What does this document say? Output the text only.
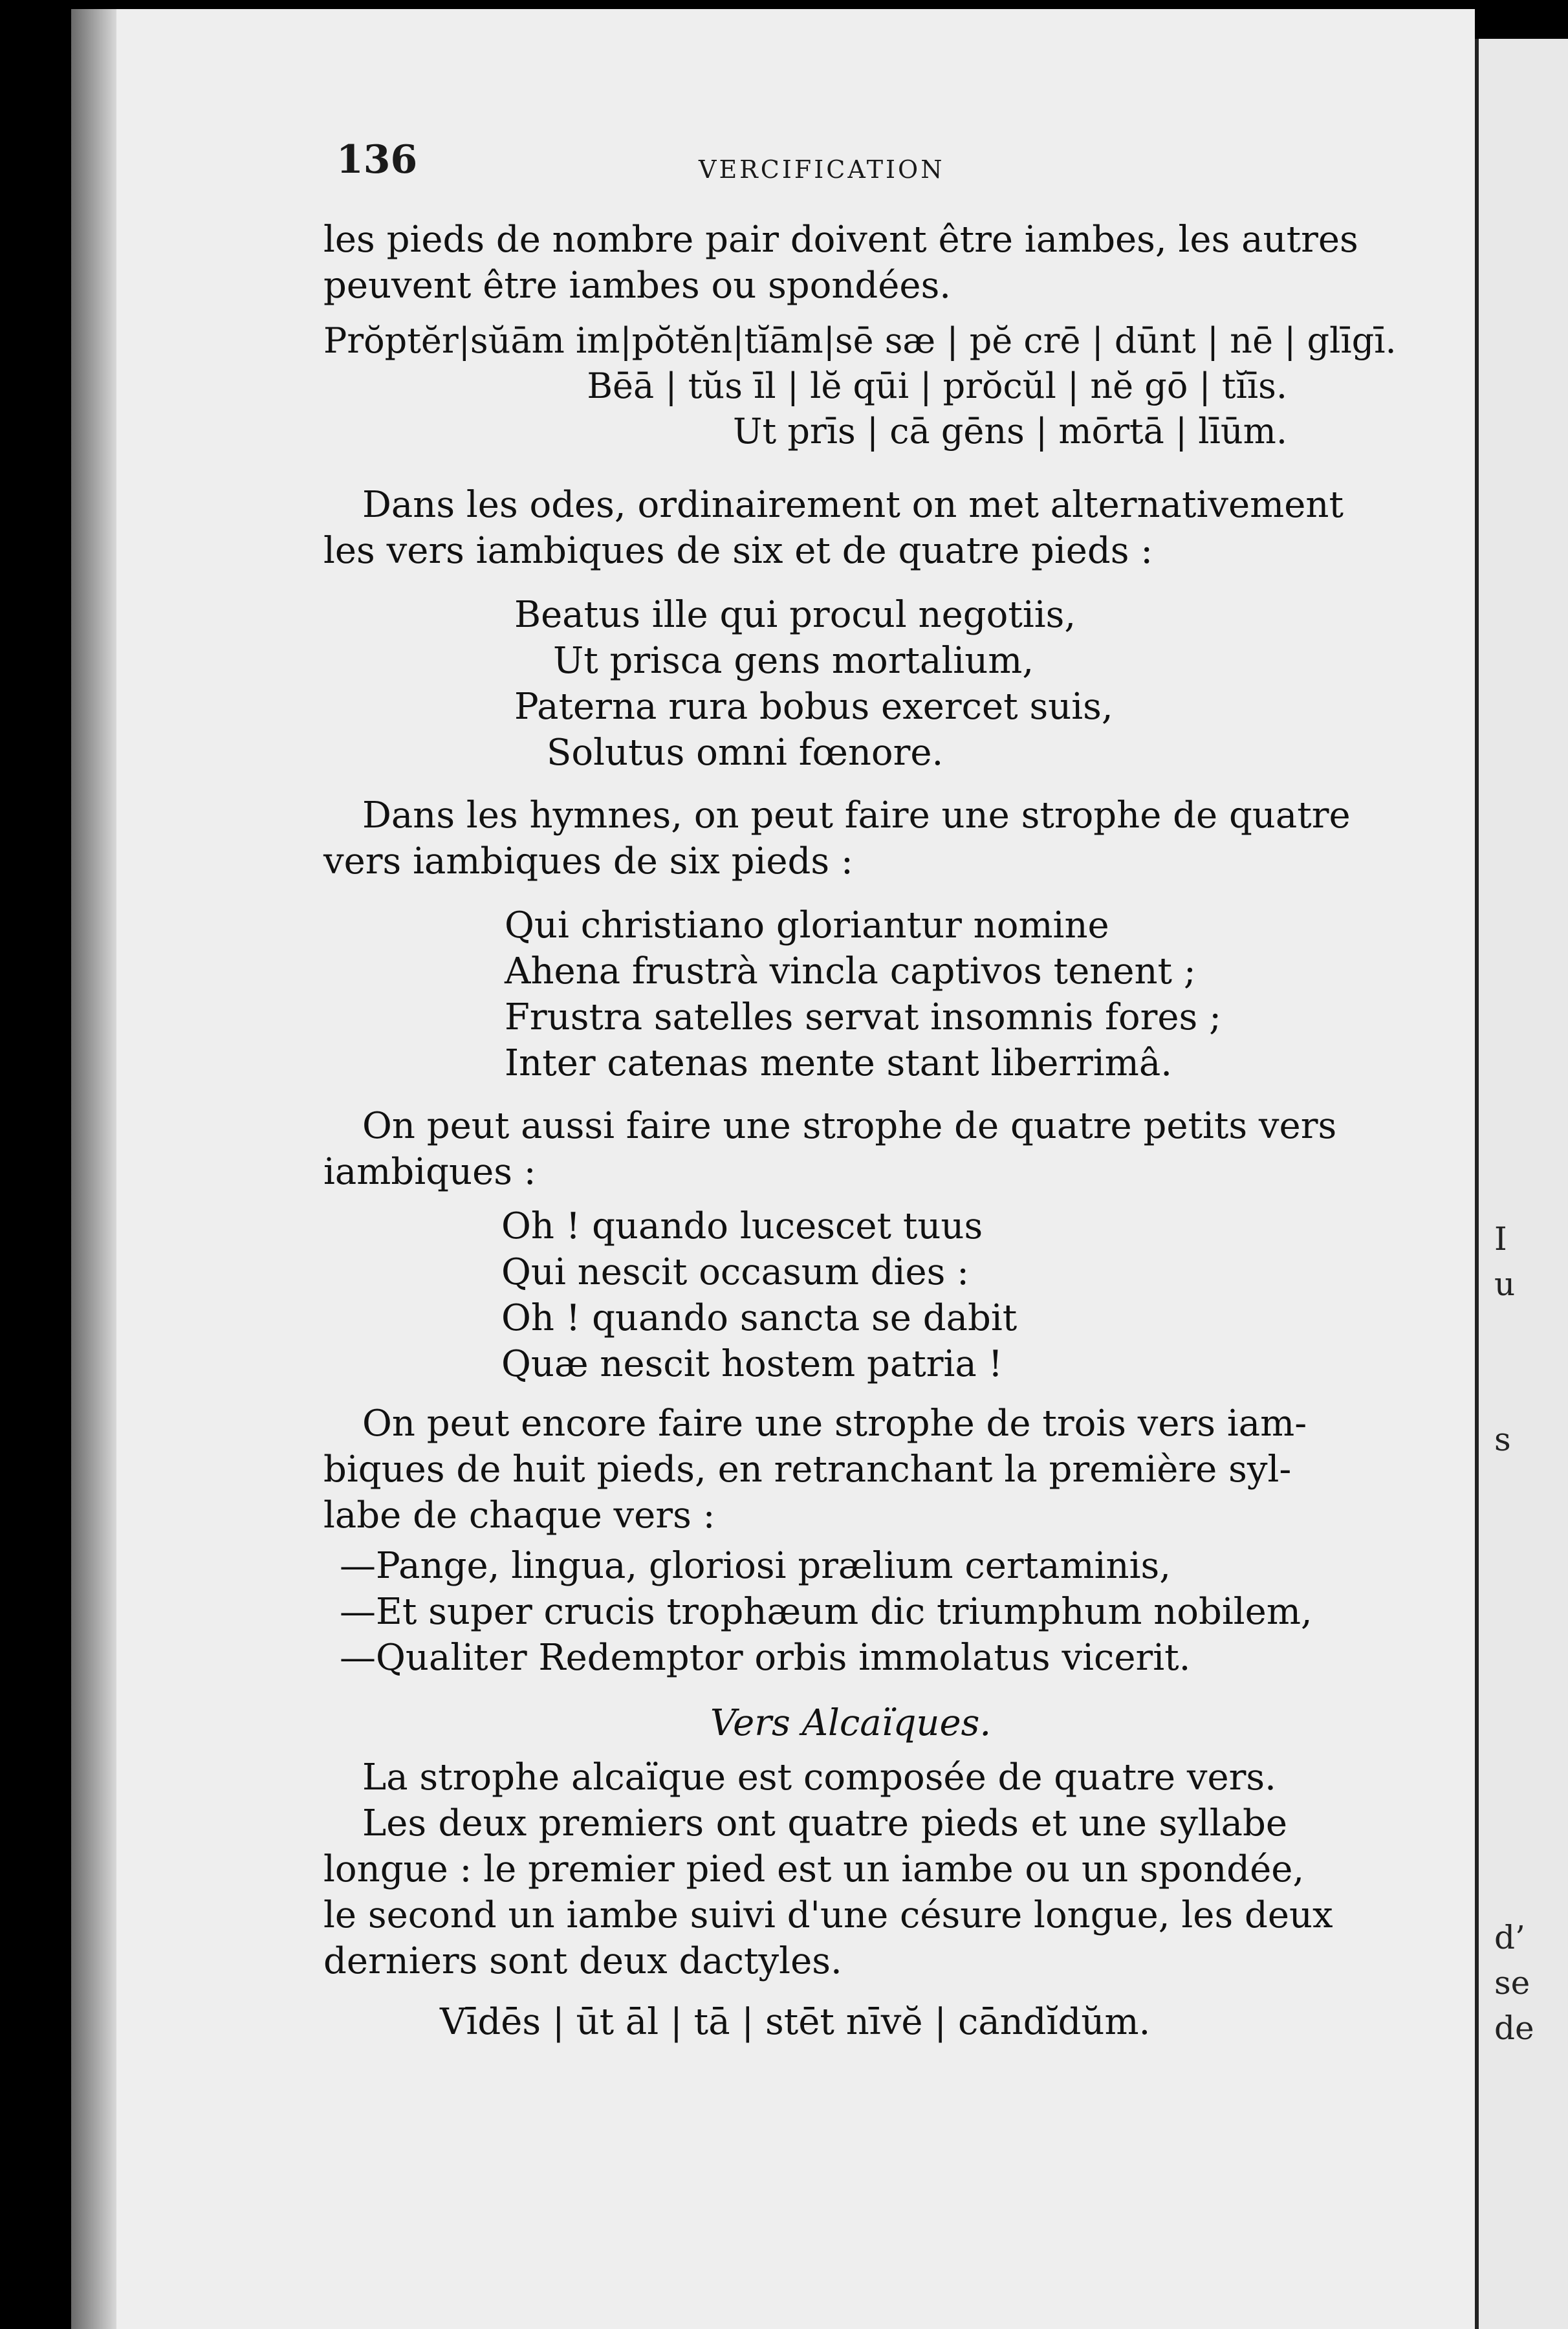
I
u
s
d’
se
de
136	VERCIFICATION
les pieds de nombre pair doivent être iambes, les autres
peuvent être iambes ou spondées.
Prŏptĕr|sŭām im|pŏtĕn|tĭām|sē sæ | pĕ crē | dūnt | nē | glīgī.
Bēā | tŭs īl | lĕ qūi | prŏcŭl | nĕ gō | tĭīs.
Ut prīs | cā gēns | mōrtā | līūm.
Dans les odes, ordinairement on met alternativement
les vers iambiques de six et de quatre pieds :
Beatus ille qui procul negotiis,
Ut prisca gens mortalium,
Paterna rura bobus exercet suis,
Solutus omni fœnore.
Dans les hymnes, on peut faire une strophe de quatre
vers iambiques de six pieds :
Qui christiano gloriantur nomine
Ahena frustrà vincla captivos tenent ;
Frustra satelles servat insomnis fores ;
Inter catenas mente stant liberrimâ.
On peut aussi faire une strophe de quatre petits vers
iambiques :
Oh ! quando lucescet tuus
Qui nescit occasum dies :
Oh ! quando sancta se dabit
Quæ nescit hostem patria !
On peut encore faire une strophe de trois vers iam-
biques de huit pieds, en retranchant la première syl-
labe de chaque vers :
—Pange, lingua, gloriosi prælium certaminis,
—Et super crucis trophæum dic triumphum nobilem,
—Qualiter Redemptor orbis immolatus vicerit.
Vers Alcaïques.
La strophe alcaïque est composée de quatre vers.
Les deux premiers ont quatre pieds et une syllabe
longue : le premier pied est un iambe ou un spondée,
le second un iambe suivi d'une césure longue, les deux
derniers sont deux dactyles.
Vīdēs | ūt āl | tā | stēt nīvĕ | cāndĭdŭm.
